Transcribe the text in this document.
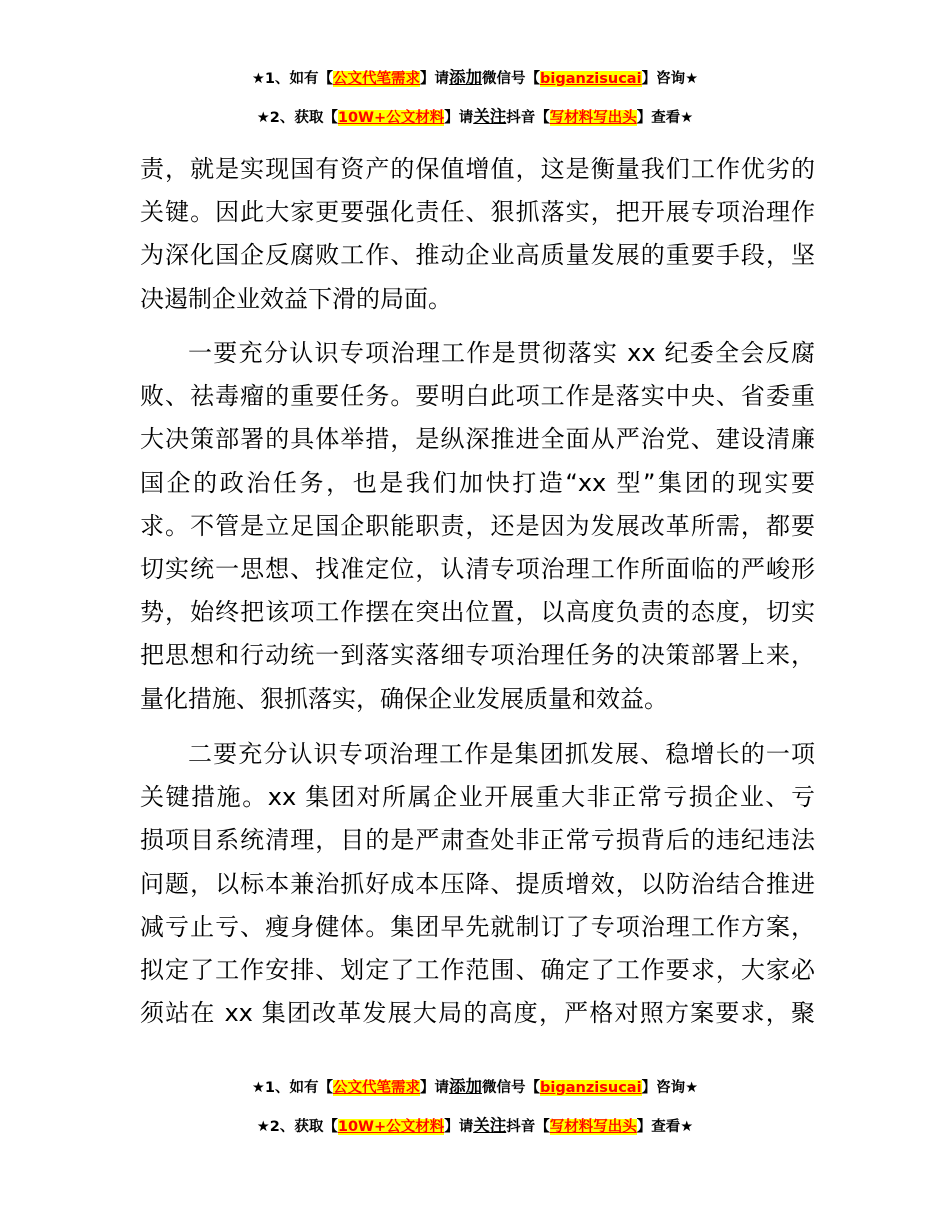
★1、如有【公文代笔需求】请添加微信号【biganzisucai】咨询★
★2、获取【10W+公文材料】请关注抖音【写材料写出头】查看★
责，就是实现国有资产的保值增值，这是衡量我们工作优劣的
关键。因此大家更要强化责任、狠抓落实，把开展专项治理作
为深化国企反腐败工作、推动企业高质量发展的重要手段，坚
决遏制企业效益下滑的局面。
一要充分认识专项治理工作是贯彻落实 xx 纪委全会反腐
败、祛毒瘤的重要任务。要明白此项工作是落实中央、省委重
大决策部署的具体举措，是纵深推进全面从严治党、建设清廉
国企的政治任务，也是我们加快打造“xx 型”集团的现实要
求。不管是立足国企职能职责，还是因为发展改革所需，都要
切实统一思想、找准定位，认清专项治理工作所面临的严峻形
势，始终把该项工作摆在突出位置，以高度负责的态度，切实
把思想和行动统一到落实落细专项治理任务的决策部署上来，
量化措施、狠抓落实，确保企业发展质量和效益。
二要充分认识专项治理工作是集团抓发展、稳增长的一项
关键措施。xx 集团对所属企业开展重大非正常亏损企业、亏
损项目系统清理，目的是严肃查处非正常亏损背后的违纪违法
问题，以标本兼治抓好成本压降、提质增效，以防治结合推进
减亏止亏、瘦身健体。集团早先就制订了专项治理工作方案，
拟定了工作安排、划定了工作范围、确定了工作要求，大家必
须站在 xx 集团改革发展大局的高度，严格对照方案要求，聚
★1、如有【公文代笔需求】请添加微信号【biganzisucai】咨询★
★2、获取【10W+公文材料】请关注抖音【写材料写出头】查看★
